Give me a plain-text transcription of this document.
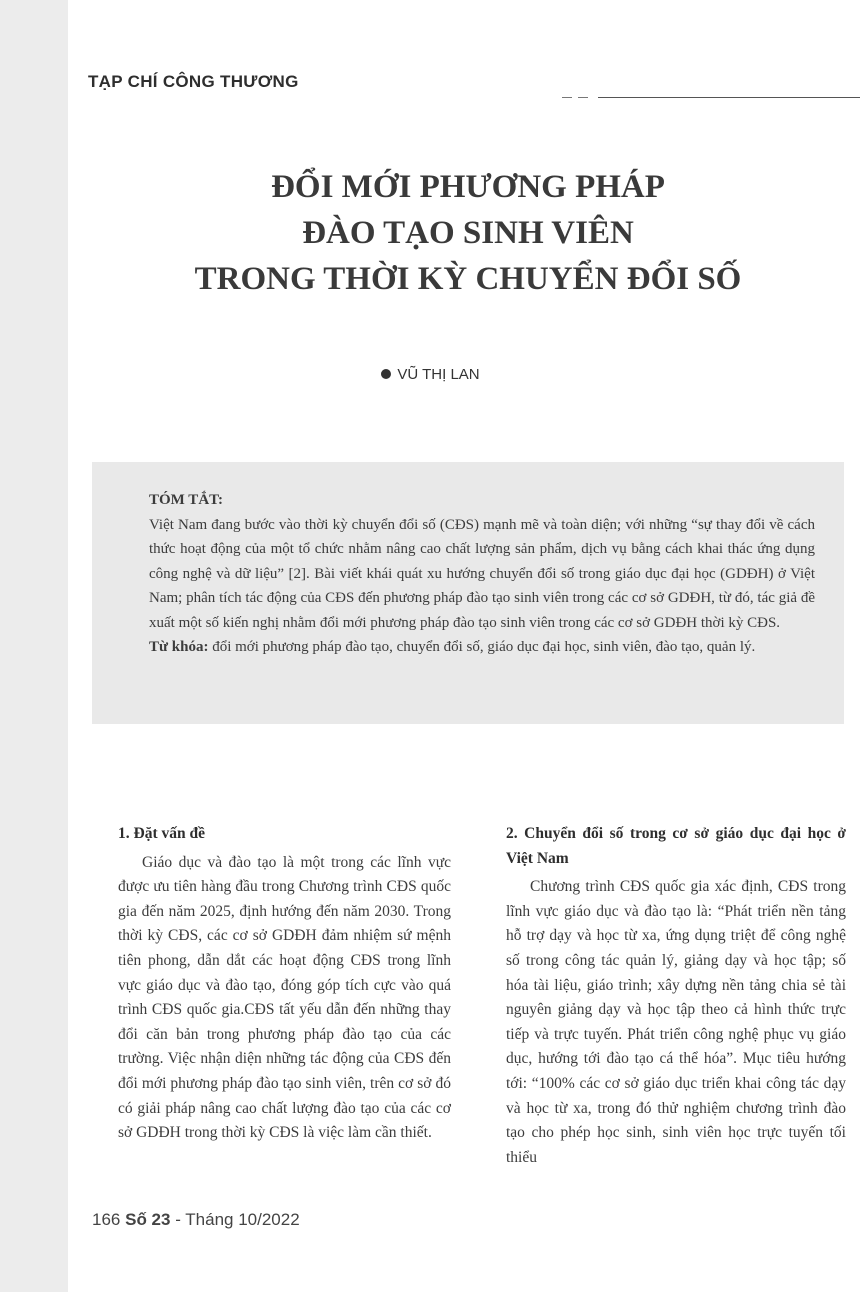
TẠP CHÍ CÔNG THƯƠNG
ĐỔI MỚI PHƯƠNG PHÁP
ĐÀO TẠO SINH VIÊN
TRONG THỜI KỲ CHUYỂN ĐỔI SỐ
VŨ THỊ LAN
TÓM TẮT:
Việt Nam đang bước vào thời kỳ chuyển đổi số (CĐS) mạnh mẽ và toàn diện; với những “sự thay đổi về cách thức hoạt động của một tổ chức nhằm nâng cao chất lượng sản phẩm, dịch vụ bằng cách khai thác ứng dụng công nghệ và dữ liệu” [2]. Bài viết khái quát xu hướng chuyển đổi số trong giáo dục đại học (GDĐH) ở Việt Nam; phân tích tác động của CĐS đến phương pháp đào tạo sinh viên trong các cơ sở GDĐH, từ đó, tác giả đề xuất một số kiến nghị nhằm đổi mới phương pháp đào tạo sinh viên trong các cơ sở GDĐH thời kỳ CĐS.
Từ khóa: đổi mới phương pháp đào tạo, chuyển đổi số, giáo dục đại học, sinh viên, đào tạo, quản lý.
1. Đặt vấn đề

Giáo dục và đào tạo là một trong các lĩnh vực được ưu tiên hàng đầu trong Chương trình CĐS quốc gia đến năm 2025, định hướng đến năm 2030. Trong thời kỳ CĐS, các cơ sở GDĐH đảm nhiệm sứ mệnh tiên phong, dẫn dắt các hoạt động CĐS trong lĩnh vực giáo dục và đào tạo, đóng góp tích cực vào quá trình CĐS quốc gia.CĐS tất yếu dẫn đến những thay đổi căn bản trong phương pháp đào tạo của các trường. Việc nhận diện những tác động của CĐS đến đổi mới phương pháp đào tạo sinh viên, trên cơ sở đó có giải pháp nâng cao chất lượng đào tạo của các cơ sở GDĐH trong thời kỳ CĐS là việc làm cần thiết.

2. Chuyển đổi số trong cơ sở giáo dục đại học ở Việt Nam

Chương trình CĐS quốc gia xác định, CĐS trong lĩnh vực giáo dục và đào tạo là: “Phát triển nền tảng hỗ trợ dạy và học từ xa, ứng dụng triệt để công nghệ số trong công tác quản lý, giảng dạy và học tập; số hóa tài liệu, giáo trình; xây dựng nền tảng chia sẻ tài nguyên giảng dạy và học tập theo cả hình thức trực tiếp và trực tuyến. Phát triển công nghệ phục vụ giáo dục, hướng tới đào tạo cá thể hóa”. Mục tiêu hướng tới: “100% các cơ sở giáo dục triển khai công tác dạy và học từ xa, trong đó thử nghiệm chương trình đào tạo cho phép học sinh, sinh viên học trực tuyến tối thiểu

166 Số 23 - Tháng 10/2022
